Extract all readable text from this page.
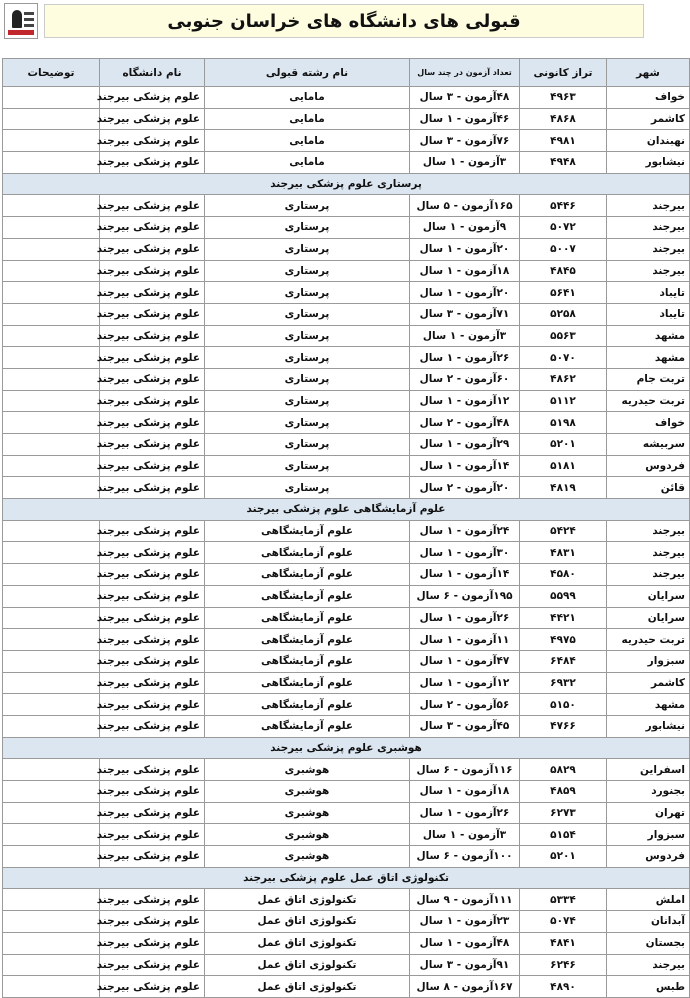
قبولی های دانشگاه های خراسان جنوبی
شهر	تراز کانونی	تعداد آزمون در چند سال	نام رشته قبولی	نام دانشگاه	توضیحات
خواف	۴۹۶۳	۴۸آزمون - ۳ سال	مامایی	علوم پزشکی بیرجند	
کاشمر	۴۸۶۸	۴۶آزمون - ۱ سال	مامایی	علوم پزشکی بیرجند	
نهبندان	۴۹۸۱	۷۶آزمون - ۳ سال	مامایی	علوم پزشکی بیرجند	
نیشابور	۴۹۴۸	۳آزمون - ۱ سال	مامایی	علوم پزشکی بیرجند	
پرستاری علوم پزشکی بیرجند					
بیرجند	۵۴۴۶	۱۶۵آزمون - ۵ سال	پرستاری	علوم پزشکی بیرجند	
بیرجند	۵۰۷۲	۹آزمون - ۱ سال	پرستاری	علوم پزشکی بیرجند	
بیرجند	۵۰۰۷	۲۰آزمون - ۱ سال	پرستاری	علوم پزشکی بیرجند	
بیرجند	۴۸۴۵	۱۸آزمون - ۱ سال	پرستاری	علوم پزشکی بیرجند	
تایباد	۵۶۴۱	۲۰آزمون - ۱ سال	پرستاری	علوم پزشکی بیرجند	
تایباد	۵۲۵۸	۷۱آزمون - ۳ سال	پرستاری	علوم پزشکی بیرجند	
مشهد	۵۵۶۳	۳آزمون - ۱ سال	پرستاری	علوم پزشکی بیرجند	
مشهد	۵۰۷۰	۲۶آزمون - ۱ سال	پرستاری	علوم پزشکی بیرجند	
تربت جام	۴۸۶۲	۶۰آزمون - ۲ سال	پرستاری	علوم پزشکی بیرجند	
تربت حیدریه	۵۱۱۲	۱۲آزمون - ۱ سال	پرستاری	علوم پزشکی بیرجند	
خواف	۵۱۹۸	۴۸آزمون - ۲ سال	پرستاری	علوم پزشکی بیرجند	
سربیشه	۵۲۰۱	۲۹آزمون - ۱ سال	پرستاری	علوم پزشکی بیرجند	
فردوس	۵۱۸۱	۱۴آزمون - ۱ سال	پرستاری	علوم پزشکی بیرجند	
قائن	۴۸۱۹	۲۰آزمون - ۲ سال	پرستاری	علوم پزشکی بیرجند	
علوم آزمایشگاهی علوم پزشکی بیرجند					
بیرجند	۵۴۲۴	۲۴آزمون - ۱ سال	علوم آزمایشگاهی	علوم پزشکی بیرجند	
بیرجند	۴۸۳۱	۳۰آزمون - ۱ سال	علوم آزمایشگاهی	علوم پزشکی بیرجند	
بیرجند	۴۵۸۰	۱۴آزمون - ۱ سال	علوم آزمایشگاهی	علوم پزشکی بیرجند	
سرایان	۵۵۹۹	۱۹۵آزمون - ۶ سال	علوم آزمایشگاهی	علوم پزشکی بیرجند	
سرایان	۴۴۲۱	۲۶آزمون - ۱ سال	علوم آزمایشگاهی	علوم پزشکی بیرجند	
تربت حیدریه	۴۹۷۵	۱۱آزمون - ۱ سال	علوم آزمایشگاهی	علوم پزشکی بیرجند	
سبزوار	۶۴۸۴	۴۷آزمون - ۱ سال	علوم آزمایشگاهی	علوم پزشکی بیرجند	
کاشمر	۶۹۳۲	۱۲آزمون - ۱ سال	علوم آزمایشگاهی	علوم پزشکی بیرجند	
مشهد	۵۱۵۰	۵۶آزمون - ۲ سال	علوم آزمایشگاهی	علوم پزشکی بیرجند	
نیشابور	۴۷۶۶	۴۵آزمون - ۳ سال	علوم آزمایشگاهی	علوم پزشکی بیرجند	
هوشبری علوم پزشکی بیرجند					
اسفراین	۵۸۲۹	۱۱۶آزمون - ۶ سال	هوشبری	علوم پزشکی بیرجند	
بجنورد	۴۸۵۹	۱۸آزمون - ۱ سال	هوشبری	علوم پزشکی بیرجند	
تهران	۶۲۷۳	۲۶آزمون - ۱ سال	هوشبری	علوم پزشکی بیرجند	
سبزوار	۵۱۵۴	۳آزمون - ۱ سال	هوشبری	علوم پزشکی بیرجند	
فردوس	۵۲۰۱	۱۰۰آزمون - ۶ سال	هوشبری	علوم پزشکی بیرجند	
تکنولوژی اتاق عمل علوم پزشکی بیرجند					
املش	۵۳۳۴	۱۱۱آزمون - ۹ سال	تکنولوژی اتاق عمل	علوم پزشکی بیرجند	
آبدانان	۵۰۷۴	۲۳آزمون - ۱ سال	تکنولوژی اتاق عمل	علوم پزشکی بیرجند	
بجستان	۴۸۴۱	۴۸آزمون - ۱ سال	تکنولوژی اتاق عمل	علوم پزشکی بیرجند	
بیرجند	۶۲۴۶	۹۱آزمون - ۳ سال	تکنولوژی اتاق عمل	علوم پزشکی بیرجند	
طبس	۴۸۹۰	۱۶۷آزمون - ۸ سال	تکنولوژی اتاق عمل	علوم پزشکی بیرجند	
